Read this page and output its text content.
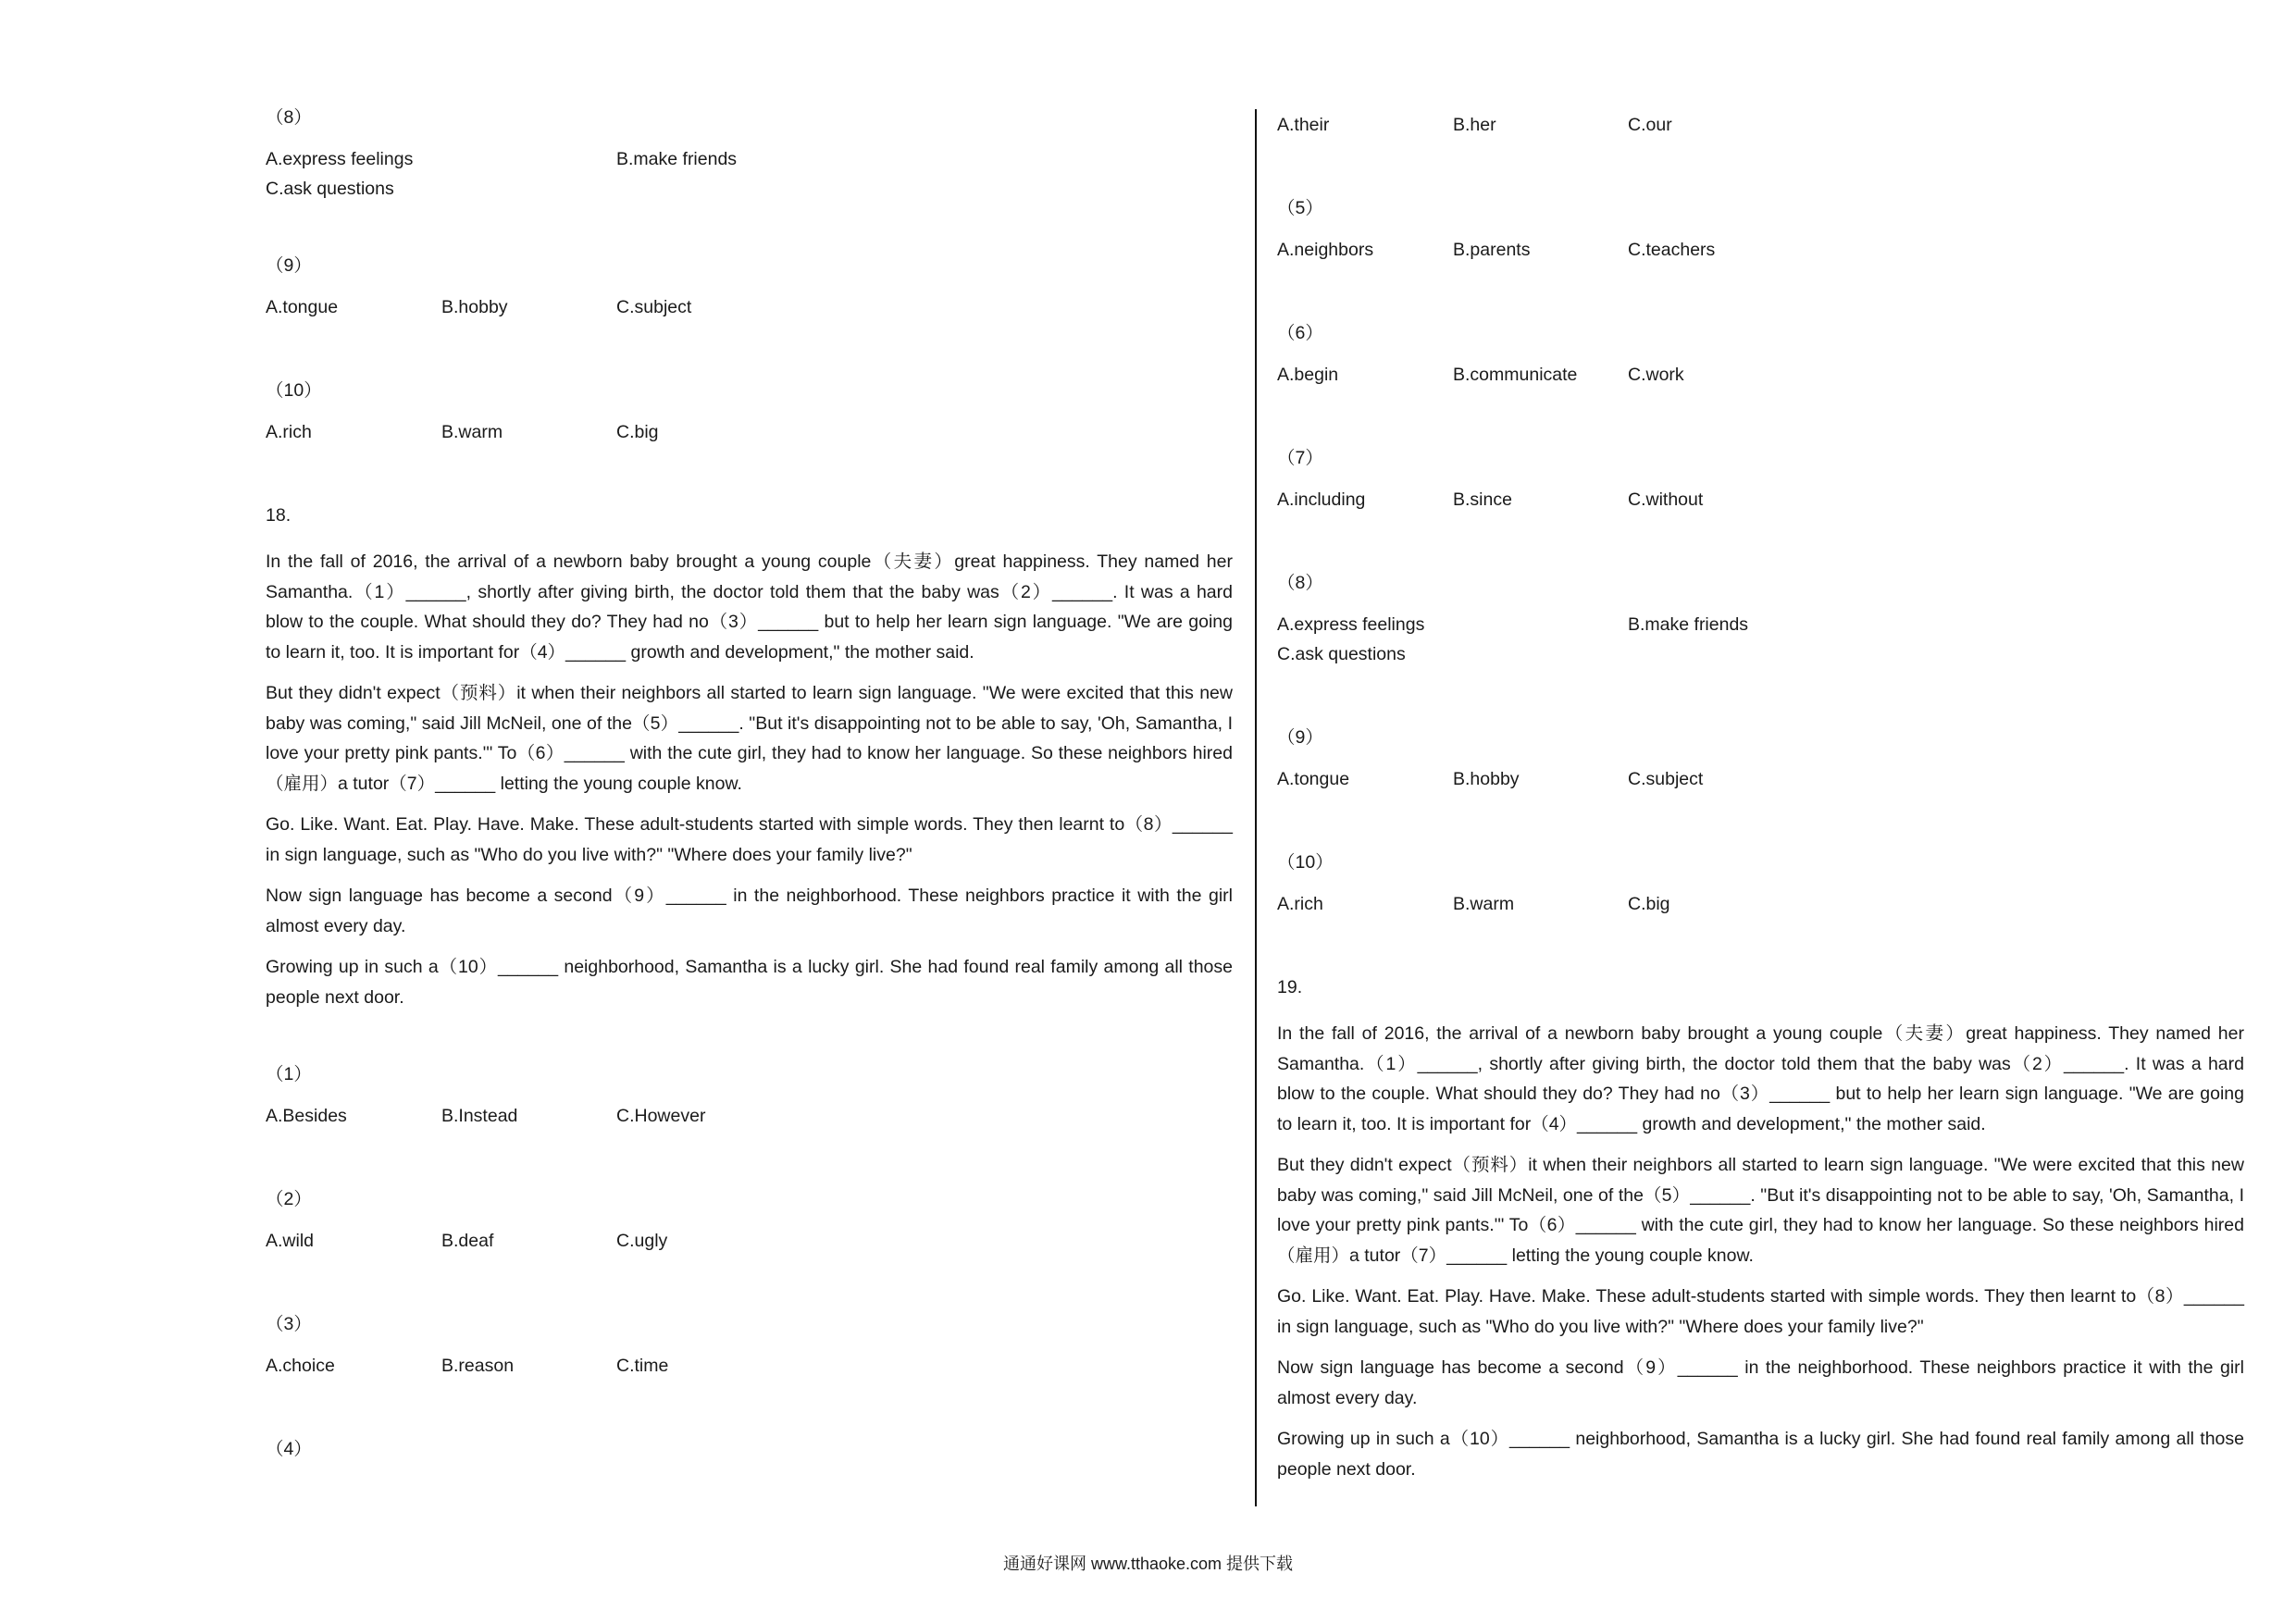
（8）
A.express feelings	B.make friends
C.ask questions
（9）
A.tongue	B.hobby	C.subject
（10）
A.rich	B.warm	C.big
18.

In the fall of 2016, the arrival of a newborn baby brought a young couple（夫妻）great happiness. They named her Samantha.（1）______, shortly after giving birth, the doctor told them that the baby was（2）______. It was a hard blow to the couple. What should they do? They had no（3）______ but to help her learn sign language. "We are going to learn it, too. It is important for（4）______ growth and development," the mother said.

But they didn't expect（预料）it when their neighbors all started to learn sign language. "We were excited that this new baby was coming," said Jill McNeil, one of the（5）______. "But it's disappointing not to be able to say, 'Oh, Samantha, I love your pretty pink pants.'" To（6）______ with the cute girl, they had to know her language. So these neighbors hired（雇用）a tutor（7）______ letting the young couple know.

Go. Like. Want. Eat. Play. Have. Make. These adult-students started with simple words. They then learnt to（8）______ in sign language, such as "Who do you live with?" "Where does your family live?"

Now sign language has become a second（9）______ in the neighborhood. These neighbors practice it with the girl almost every day.

Growing up in such a（10）______ neighborhood, Samantha is a lucky girl. She had found real family among all those people next door.

（1）
A.Besides	B.Instead	C.However
（2）
A.wild	B.deaf	C.ugly
（3）
A.choice	B.reason	C.time
（4）
A.their	B.her	C.our
（5）
A.neighbors	B.parents	C.teachers
（6）
A.begin	B.communicate	C.work
（7）
A.including	B.since	C.without
（8）
A.express feelings	B.make friends
C.ask questions
（9）
A.tongue	B.hobby	C.subject
（10）
A.rich	B.warm	C.big
19.

In the fall of 2016, the arrival of a newborn baby brought a young couple（夫妻）great happiness. They named her Samantha.（1）______, shortly after giving birth, the doctor told them that the baby was（2）______. It was a hard blow to the couple. What should they do? They had no（3）______ but to help her learn sign language. "We are going to learn it, too. It is important for（4）______ growth and development," the mother said.

But they didn't expect（预料）it when their neighbors all started to learn sign language. "We were excited that this new baby was coming," said Jill McNeil, one of the（5）______. "But it's disappointing not to be able to say, 'Oh, Samantha, I love your pretty pink pants.'" To（6）______ with the cute girl, they had to know her language. So these neighbors hired（雇用）a tutor（7）______ letting the young couple know.

Go. Like. Want. Eat. Play. Have. Make. These adult-students started with simple words. They then learnt to（8）______ in sign language, such as "Who do you live with?" "Where does your family live?"

Now sign language has become a second（9）______ in the neighborhood. These neighbors practice it with the girl almost every day.

Growing up in such a（10）______ neighborhood, Samantha is a lucky girl. She had found real family among all those people next door.

通通好课网 www.tthaoke.com 提供下载
